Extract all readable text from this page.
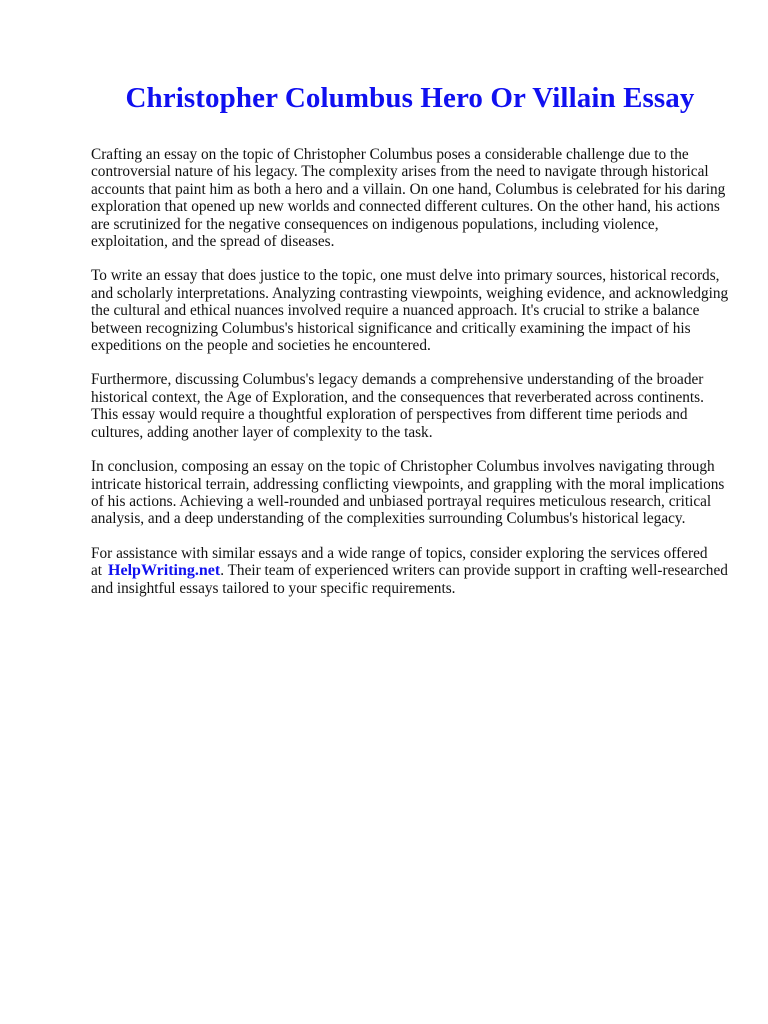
Christopher Columbus Hero Or Villain Essay

Crafting an essay on the topic of Christopher Columbus poses a considerable challenge due to the controversial nature of his legacy. The complexity arises from the need to navigate through historical accounts that paint him as both a hero and a villain. On one hand, Columbus is celebrated for his daring exploration that opened up new worlds and connected different cultures. On the other hand, his actions are scrutinized for the negative consequences on indigenous populations, including violence, exploitation, and the spread of diseases.

To write an essay that does justice to the topic, one must delve into primary sources, historical records, and scholarly interpretations. Analyzing contrasting viewpoints, weighing evidence, and acknowledging the cultural and ethical nuances involved require a nuanced approach. It's crucial to strike a balance between recognizing Columbus's historical significance and critically examining the impact of his expeditions on the people and societies he encountered.

Furthermore, discussing Columbus's legacy demands a comprehensive understanding of the broader historical context, the Age of Exploration, and the consequences that reverberated across continents. This essay would require a thoughtful exploration of perspectives from different time periods and cultures, adding another layer of complexity to the task.

In conclusion, composing an essay on the topic of Christopher Columbus involves navigating through intricate historical terrain, addressing conflicting viewpoints, and grappling with the moral implications of his actions. Achieving a well-rounded and unbiased portrayal requires meticulous research, critical analysis, and a deep understanding of the complexities surrounding Columbus's historical legacy.

For assistance with similar essays and a wide range of topics, consider exploring the services offered at HelpWriting.net. Their team of experienced writers can provide support in crafting well-researched and insightful essays tailored to your specific requirements.
